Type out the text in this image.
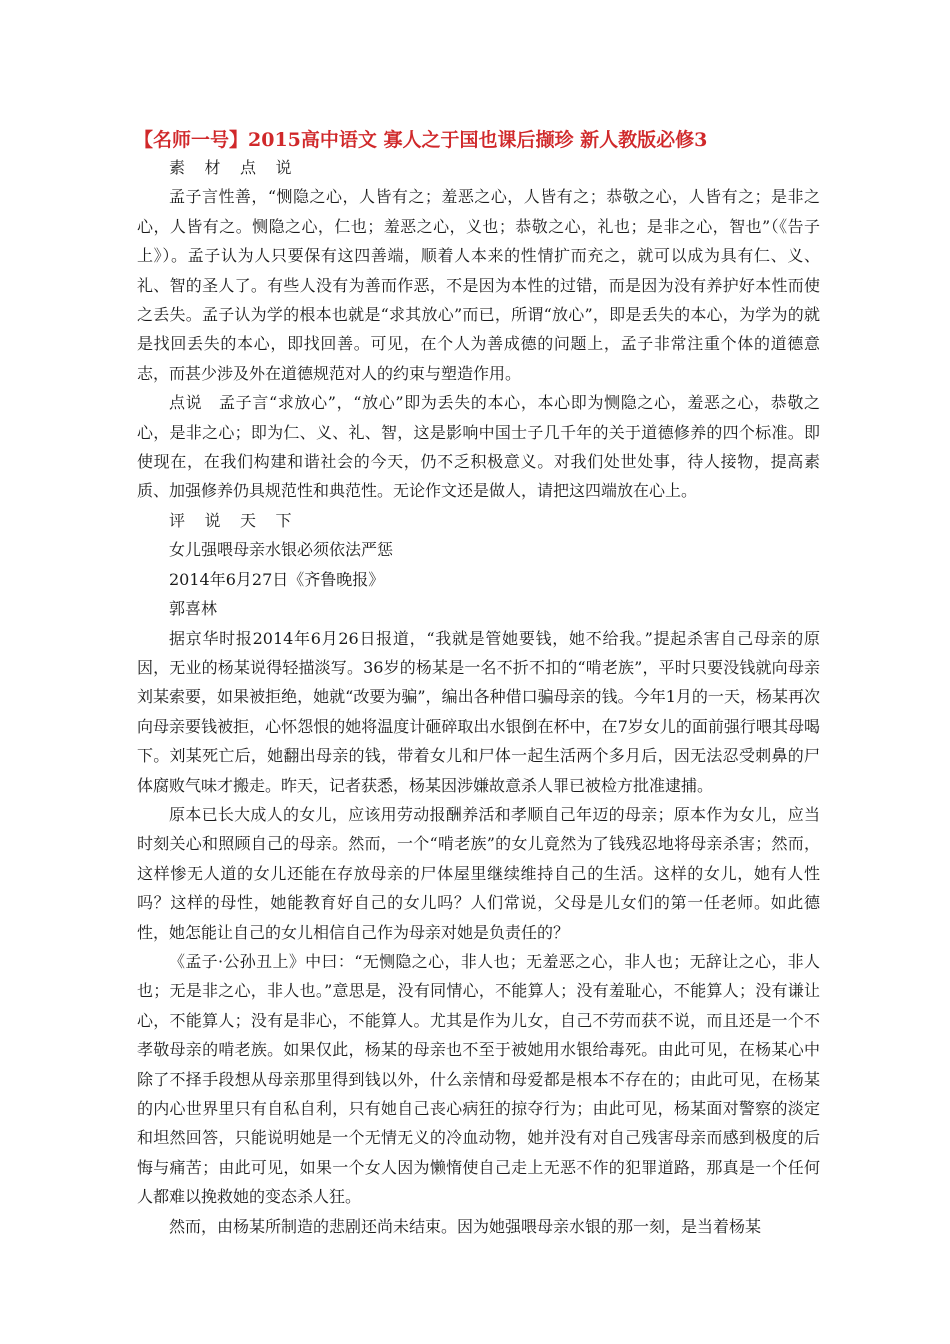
【名师一号】2015高中语文 寡人之于国也课后撷珍 新人教版必修3

素 材 点 说

孟子言性善，“恻隐之心，人皆有之；羞恶之心，人皆有之；恭敬之心，人皆有之；是非之心，人皆有之。恻隐之心，仁也；羞恶之心，义也；恭敬之心，礼也；是非之心，智也”（《告子上》）。孟子认为人只要保有这四善端，顺着人本来的性情扩而充之，就可以成为具有仁、义、礼、智的圣人了。有些人没有为善而作恶，不是因为本性的过错，而是因为没有养护好本性而使之丢失。孟子认为学的根本也就是“求其放心”而已，所谓“放心”，即是丢失的本心，为学为的就是找回丢失的本心，即找回善。可见，在个人为善成德的问题上，孟子非常注重个体的道德意志，而甚少涉及外在道德规范对人的约束与塑造作用。

点说　孟子言“求放心”，“放心”即为丢失的本心，本心即为恻隐之心，羞恶之心，恭敬之心，是非之心；即为仁、义、礼、智，这是影响中国士子几千年的关于道德修养的四个标准。即使现在，在我们构建和谐社会的今天，仍不乏积极意义。对我们处世处事，待人接物，提高素质、加强修养仍具规范性和典范性。无论作文还是做人，请把这四端放在心上。

评 说 天 下

女儿强喂母亲水银必须依法严惩

2014年6月27日《齐鲁晚报》

郭喜林

据京华时报2014年6月26日报道，“我就是管她要钱，她不给我。”提起杀害自己母亲的原因，无业的杨某说得轻描淡写。36岁的杨某是一名不折不扣的“啃老族”，平时只要没钱就向母亲刘某索要，如果被拒绝，她就“改要为骗”，编出各种借口骗母亲的钱。今年1月的一天，杨某再次向母亲要钱被拒，心怀怨恨的她将温度计砸碎取出水银倒在杯中，在7岁女儿的面前强行喂其母喝下。刘某死亡后，她翻出母亲的钱，带着女儿和尸体一起生活两个多月后，因无法忍受刺鼻的尸体腐败气味才搬走。昨天，记者获悉，杨某因涉嫌故意杀人罪已被检方批准逮捕。

原本已长大成人的女儿，应该用劳动报酬养活和孝顺自己年迈的母亲；原本作为女儿，应当时刻关心和照顾自己的母亲。然而，一个“啃老族”的女儿竟然为了钱残忍地将母亲杀害；然而，这样惨无人道的女儿还能在存放母亲的尸体屋里继续维持自己的生活。这样的女儿，她有人性吗？这样的母性，她能教育好自己的女儿吗？人们常说，父母是儿女们的第一任老师。如此德性，她怎能让自己的女儿相信自己作为母亲对她是负责任的？

《孟子·公孙丑上》中曰：“无恻隐之心，非人也；无羞恶之心，非人也；无辞让之心，非人也；无是非之心，非人也。”意思是，没有同情心，不能算人；没有羞耻心，不能算人；没有谦让心，不能算人；没有是非心，不能算人。尤其是作为儿女，自己不劳而获不说，而且还是一个不孝敬母亲的啃老族。如果仅此，杨某的母亲也不至于被她用水银给毒死。由此可见，在杨某心中除了不择手段想从母亲那里得到钱以外，什么亲情和母爱都是根本不存在的；由此可见，在杨某的内心世界里只有自私自利，只有她自己丧心病狂的掠夺行为；由此可见，杨某面对警察的淡定和坦然回答，只能说明她是一个无情无义的冷血动物，她并没有对自己残害母亲而感到极度的后悔与痛苦；由此可见，如果一个女人因为懒惰使自己走上无恶不作的犯罪道路，那真是一个任何人都难以挽救她的变态杀人狂。

然而，由杨某所制造的悲剧还尚未结束。因为她强喂母亲水银的那一刻，是当着杨某
